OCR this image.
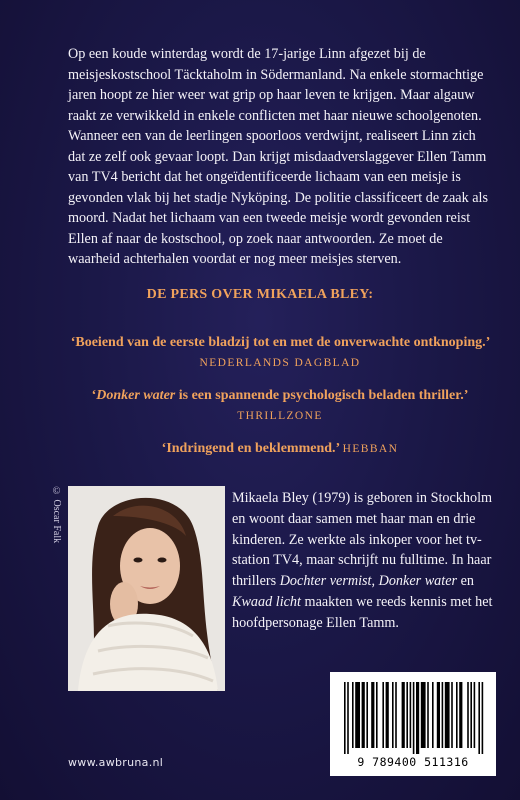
Op een koude winterdag wordt de 17-jarige Linn afgezet bij de meisjeskostschool Täcktaholm in Södermanland. Na enkele stormachtige jaren hoopt ze hier weer wat grip op haar leven te krijgen. Maar algauw raakt ze verwikkeld in enkele conflicten met haar nieuwe schoolgenoten. Wanneer een van de leerlingen spoorloos verdwijnt, realiseert Linn zich dat ze zelf ook gevaar loopt. Dan krijgt misdaadverslaggever Ellen Tamm van TV4 bericht dat het ongeïdentificeerde lichaam van een meisje is gevonden vlak bij het stadje Nyköping. De politie classificeert de zaak als moord. Nadat het lichaam van een tweede meisje wordt gevonden reist Ellen af naar de kostschool, op zoek naar antwoorden. Ze moet de waarheid achterhalen voordat er nog meer meisjes sterven.

DE PERS OVER MIKAELA BLEY:
‘Boeiend van de eerste bladzij tot en met de onverwachte ontknoping.’ NEDERLANDS DAGBLAD
‘Donker water is een spannende psychologisch beladen thriller.’
THRILLZONE
‘Indringend en beklemmend.’ HEBBAN
© Oscar Falk	Mikaela Bley (1979) is geboren in Stockholm en woont daar samen met haar man en drie kinderen. Ze werkte als inkoper voor het tv-station TV4, maar schrijft nu fulltime. In haar thrillers Dochter vermist, Donker water en Kwaad licht maakten we reeds kennis met het hoofdpersonage Ellen Tamm.

9 789400 511316
www.awbruna.nl
